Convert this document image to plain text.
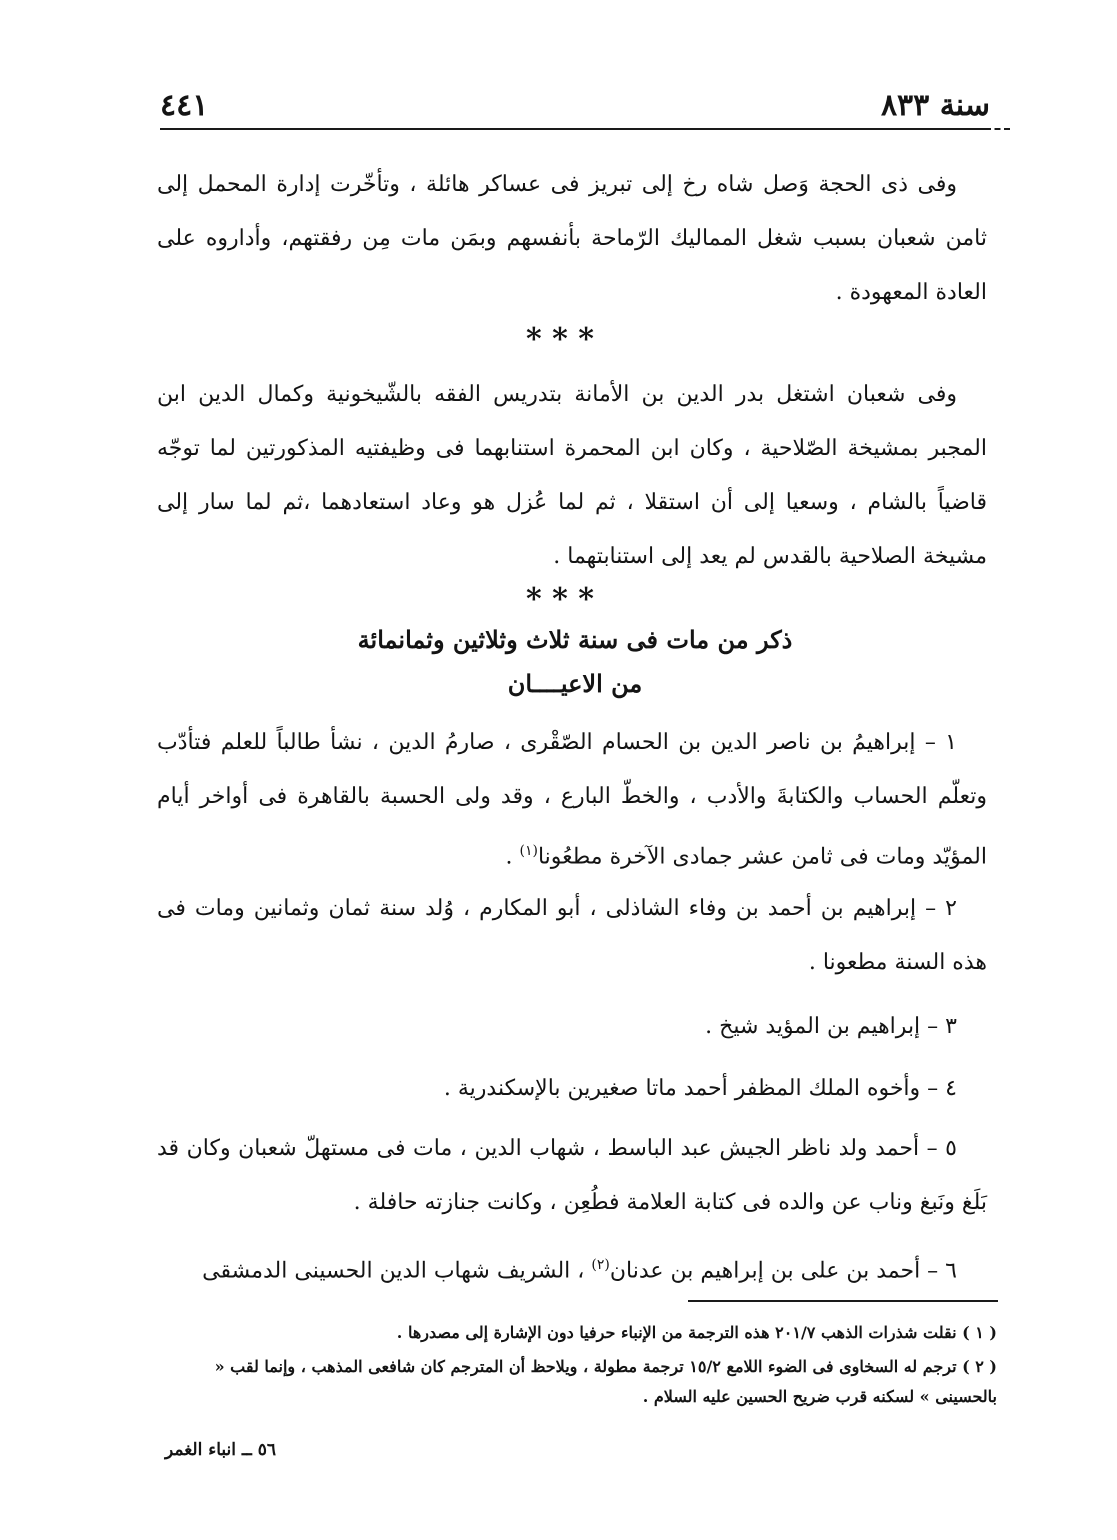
سنة ٨٣٣
٤٤١
وفى ذى الحجة وَصل شاه رخ إلى تبريز فى عساكر هائلة ، وتأخّرت إدارة المحمل إلى ثامن شعبان بسبب شغل المماليك الرّماحة بأنفسهم وبمَن مات مِن رفقتهم، وأداروه على العادة المعهودة .
* * *
وفى شعبان اشتغل بدر الدين بن الأمانة بتدريس الفقه بالشّيخونية وكمال الدين ابن المجبر بمشيخة الصّلاحية ، وكان ابن المحمرة استنابهما فى وظيفتيه المذكورتين لما توجّه قاضياً بالشام ، وسعيا إلى أن استقلا ، ثم لما عُزل هو وعاد استعادهما ،ثم لما سار إلى مشيخة الصلاحية بالقدس لم يعد إلى استنابتهما .
* * *
ذكر من مات فى سنة ثلاث وثلاثين وثمانمائة
من الاعيــــان
١ – إبراهيمُ بن ناصر الدين بن الحسام الصّقْرى ، صارمُ الدين ، نشأ طالباً للعلم فتأدّب وتعلّم الحساب والكتابةَ والأدب ، والخطّ البارع ، وقد ولى الحسبة بالقاهرة فى أواخر أيام المؤيّد ومات فى ثامن عشر جمادى الآخرة مطعُونا$^{(١)}$ .
٢ – إبراهيم بن أحمد بن وفاء الشاذلى ، أبو المكارم ، وُلد سنة ثمان وثمانين ومات فى هذه السنة مطعونا .
٣ – إبراهيم بن المؤيد شيخ .
٤ – وأخوه الملك المظفر أحمد ماتا صغيرين بالإسكندرية .
٥ – أحمد ولد ناظر الجيش عبد الباسط ، شهاب الدين ، مات فى مستهلّ شعبان وكان قد بَلَغ ونَبغ وناب عن والده فى كتابة العلامة فطُعِن ، وكانت جنازته حافلة .
٦ – أحمد بن على بن إبراهيم بن عدنان$^{(٢)}$ ، الشريف شهاب الدين الحسينى الدمشقى

( ١ ) نقلت شذرات الذهب ٢٠١/٧ هذه الترجمة من الإنباء حرفيا دون الإشارة إلى مصدرها .

( ٢ ) ترجم له السخاوى فى الضوء اللامع ١٥/٢ ترجمة مطولة ، ويلاحظ أن المترجم كان شافعى المذهب ، وإنما لقب « بالحسينى » لسكنه قرب ضريح الحسين عليه السلام .

٥٦ ــ انباء الغمر
